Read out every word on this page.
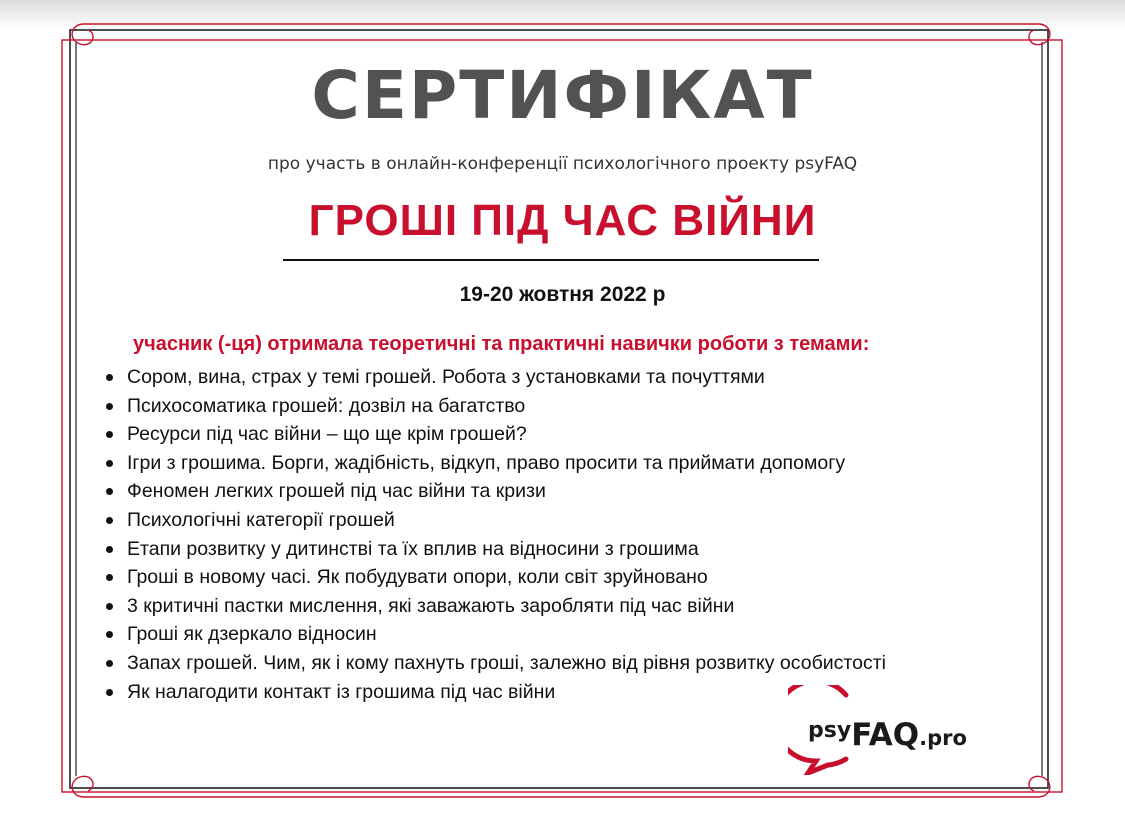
СЕРТИФІКАТ
про участь в онлайн-конференції психологічного проекту psyFAQ
ГРОШІ ПІД ЧАС ВІЙНИ
19-20 жовтня 2022 р
учасник (-ця) отримала теоретичні та практичні навички роботи з темами:
Сором, вина, страх у темі грошей. Робота з установками та почуттями
Психосоматика грошей: дозвіл на багатство
Ресурси під час війни – що ще крім грошей?
Ігри з грошима. Борги, жадібність, відкуп, право просити та приймати допомогу
Феномен легких грошей під час війни та кризи
Психологічні категорії грошей
Етапи розвитку у дитинстві та їх вплив на відносини з грошима
Гроші в новому часі. Як побудувати опори, коли світ зруйновано
3 критичні пастки мислення, які заважають заробляти під час війни
Гроші як дзеркало відносин
Запах грошей. Чим, як і кому пахнуть гроші, залежно від рівня розвитку особистості
Як налагодити контакт із грошима під час війни
psyFAQ.pro
